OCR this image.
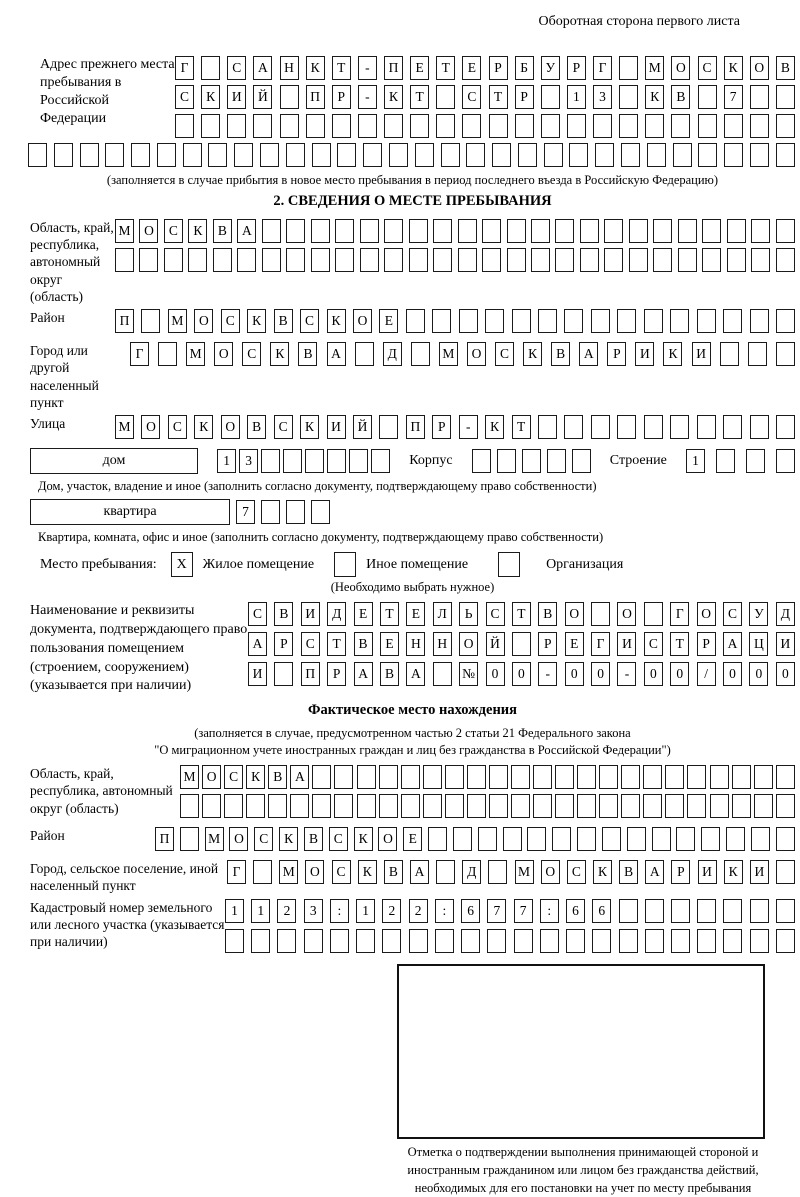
Оборотная сторона первого листа
Адрес прежнего места пребывания в Российской Федерации
Г	С	А	Н	К	Т	-	П	Е	Т	Е	Р	Б	У	Р	Г	М	О	С	К	О	В
С	К	И	Й	П	Р	-	К	Т	С	Т	Р	1	3	К	В	7
(заполняется в случае прибытия в новое место пребывания в период последнего въезда в Российскую Федерацию)
2. СВЕДЕНИЯ О МЕСТЕ ПРЕБЫВАНИЯ
Область, край, республика, автономный округ (область)
М	О	С	К	В	А
Район	П	М	О	С	К	В	С	К	О	Е
Город или другой населенный пункт
Г	М	О	С	К	В	А	Д	М	О	С	К	В	А	Р	И	К	И
Улица	М	О	С	К	О	В	С	К	И	Й	П	Р	-	К	Т
дом	1	3	Корпус	Строение	1
Дом, участок, владение и иное (заполнить согласно документу, подтверждающему право собственности)
квартира	7
Квартира, комната, офис и иное (заполнить согласно документу, подтверждающему право собственности)
Место пребывания:	X	Жилое помещение	Иное помещение	Организация
(Необходимо выбрать нужное)
Наименование и реквизиты документа, подтверждающего право пользования помещением (строением, сооружением) (указывается при наличии)
С	В	И	Д	Е	Т	Е	Л	Ь	С	Т	В	О	О	Г	О	С	У	Д
А	Р	С	Т	В	Е	Н	Н	О	Й	Р	Е	Г	И	С	Т	Р	А	Ц	И
И	П	Р	А	В	А	№	0	0	-	0	0	-	0	0	/	0	0	0
Фактическое место нахождения
(заполняется в случае, предусмотренном частью 2 статьи 21 Федерального закона
"О миграционном учете иностранных граждан и лиц без гражданства в Российской Федерации")
Область, край, республика, автономный округ (область)
М О С К В А
Район	П	М	О	С	К	В	С	К	О	Е
Город, сельское поселение, иной населенный пункт
Г	М	О	С	К	В	А	Д	М	О	С	К	В	А	Р	И	К	И
Кадастровый номер земельного или лесного участка (указывается при наличии)
1	1	2	3	:	1	2	2	:	6	7	7	:	6	6
Отметка о подтверждении выполнения принимающей стороной и иностранным гражданином или лицом без гражданства действий, необходимых для его постановки на учет по месту пребывания
